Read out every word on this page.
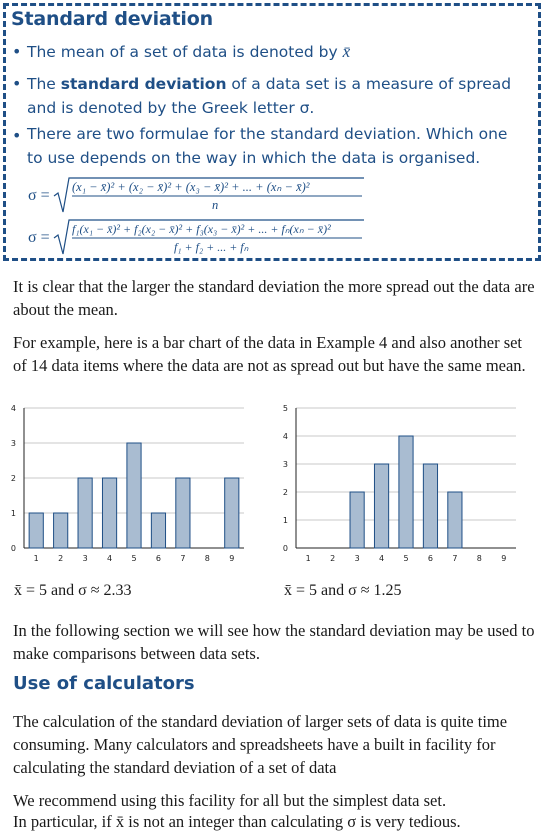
Standard deviation
• The mean of a set of data is denoted by x̄
• The standard deviation of a data set is a measure of spread and is denoted by the Greek letter σ.
• There are two formulae for the standard deviation. Which one to use depends on the way in which the data is organised.
σ = (x₁ − x̄)² + (x₂ − x̄)² + (x₃ − x̄)² + ... + (xₙ − x̄)²
n
σ = f₁(x₁ − x̄)² + f₂(x₂ − x̄)² + f₃(x₃ − x̄)² + ... + fₙ(xₙ − x̄)²
f₁ + f₂ + ... + fₙ
It is clear that the larger the standard deviation the more spread out the data are about the mean.
For example, here is a bar chart of the data in Example 4 and also another set of 14 data items where the data are not as spread out but have the same mean.
0
1
2
3
4
1 2 3 4 5 6 7 8 9
0
1
2
3
4
5
1 2 3 4 5 6 7 8 9
x̄ = 5 and σ ≈ 2.33	x̄ = 5 and σ ≈ 1.25
In the following section we will see how the standard deviation may be used to make comparisons between data sets.
Use of calculators
The calculation of the standard deviation of larger sets of data is quite time consuming. Many calculators and spreadsheets have a built in facility for calculating the standard deviation of a set of data
We recommend using this facility for all but the simplest data set.
In particular, if x̄ is not an integer than calculating σ is very tedious.
